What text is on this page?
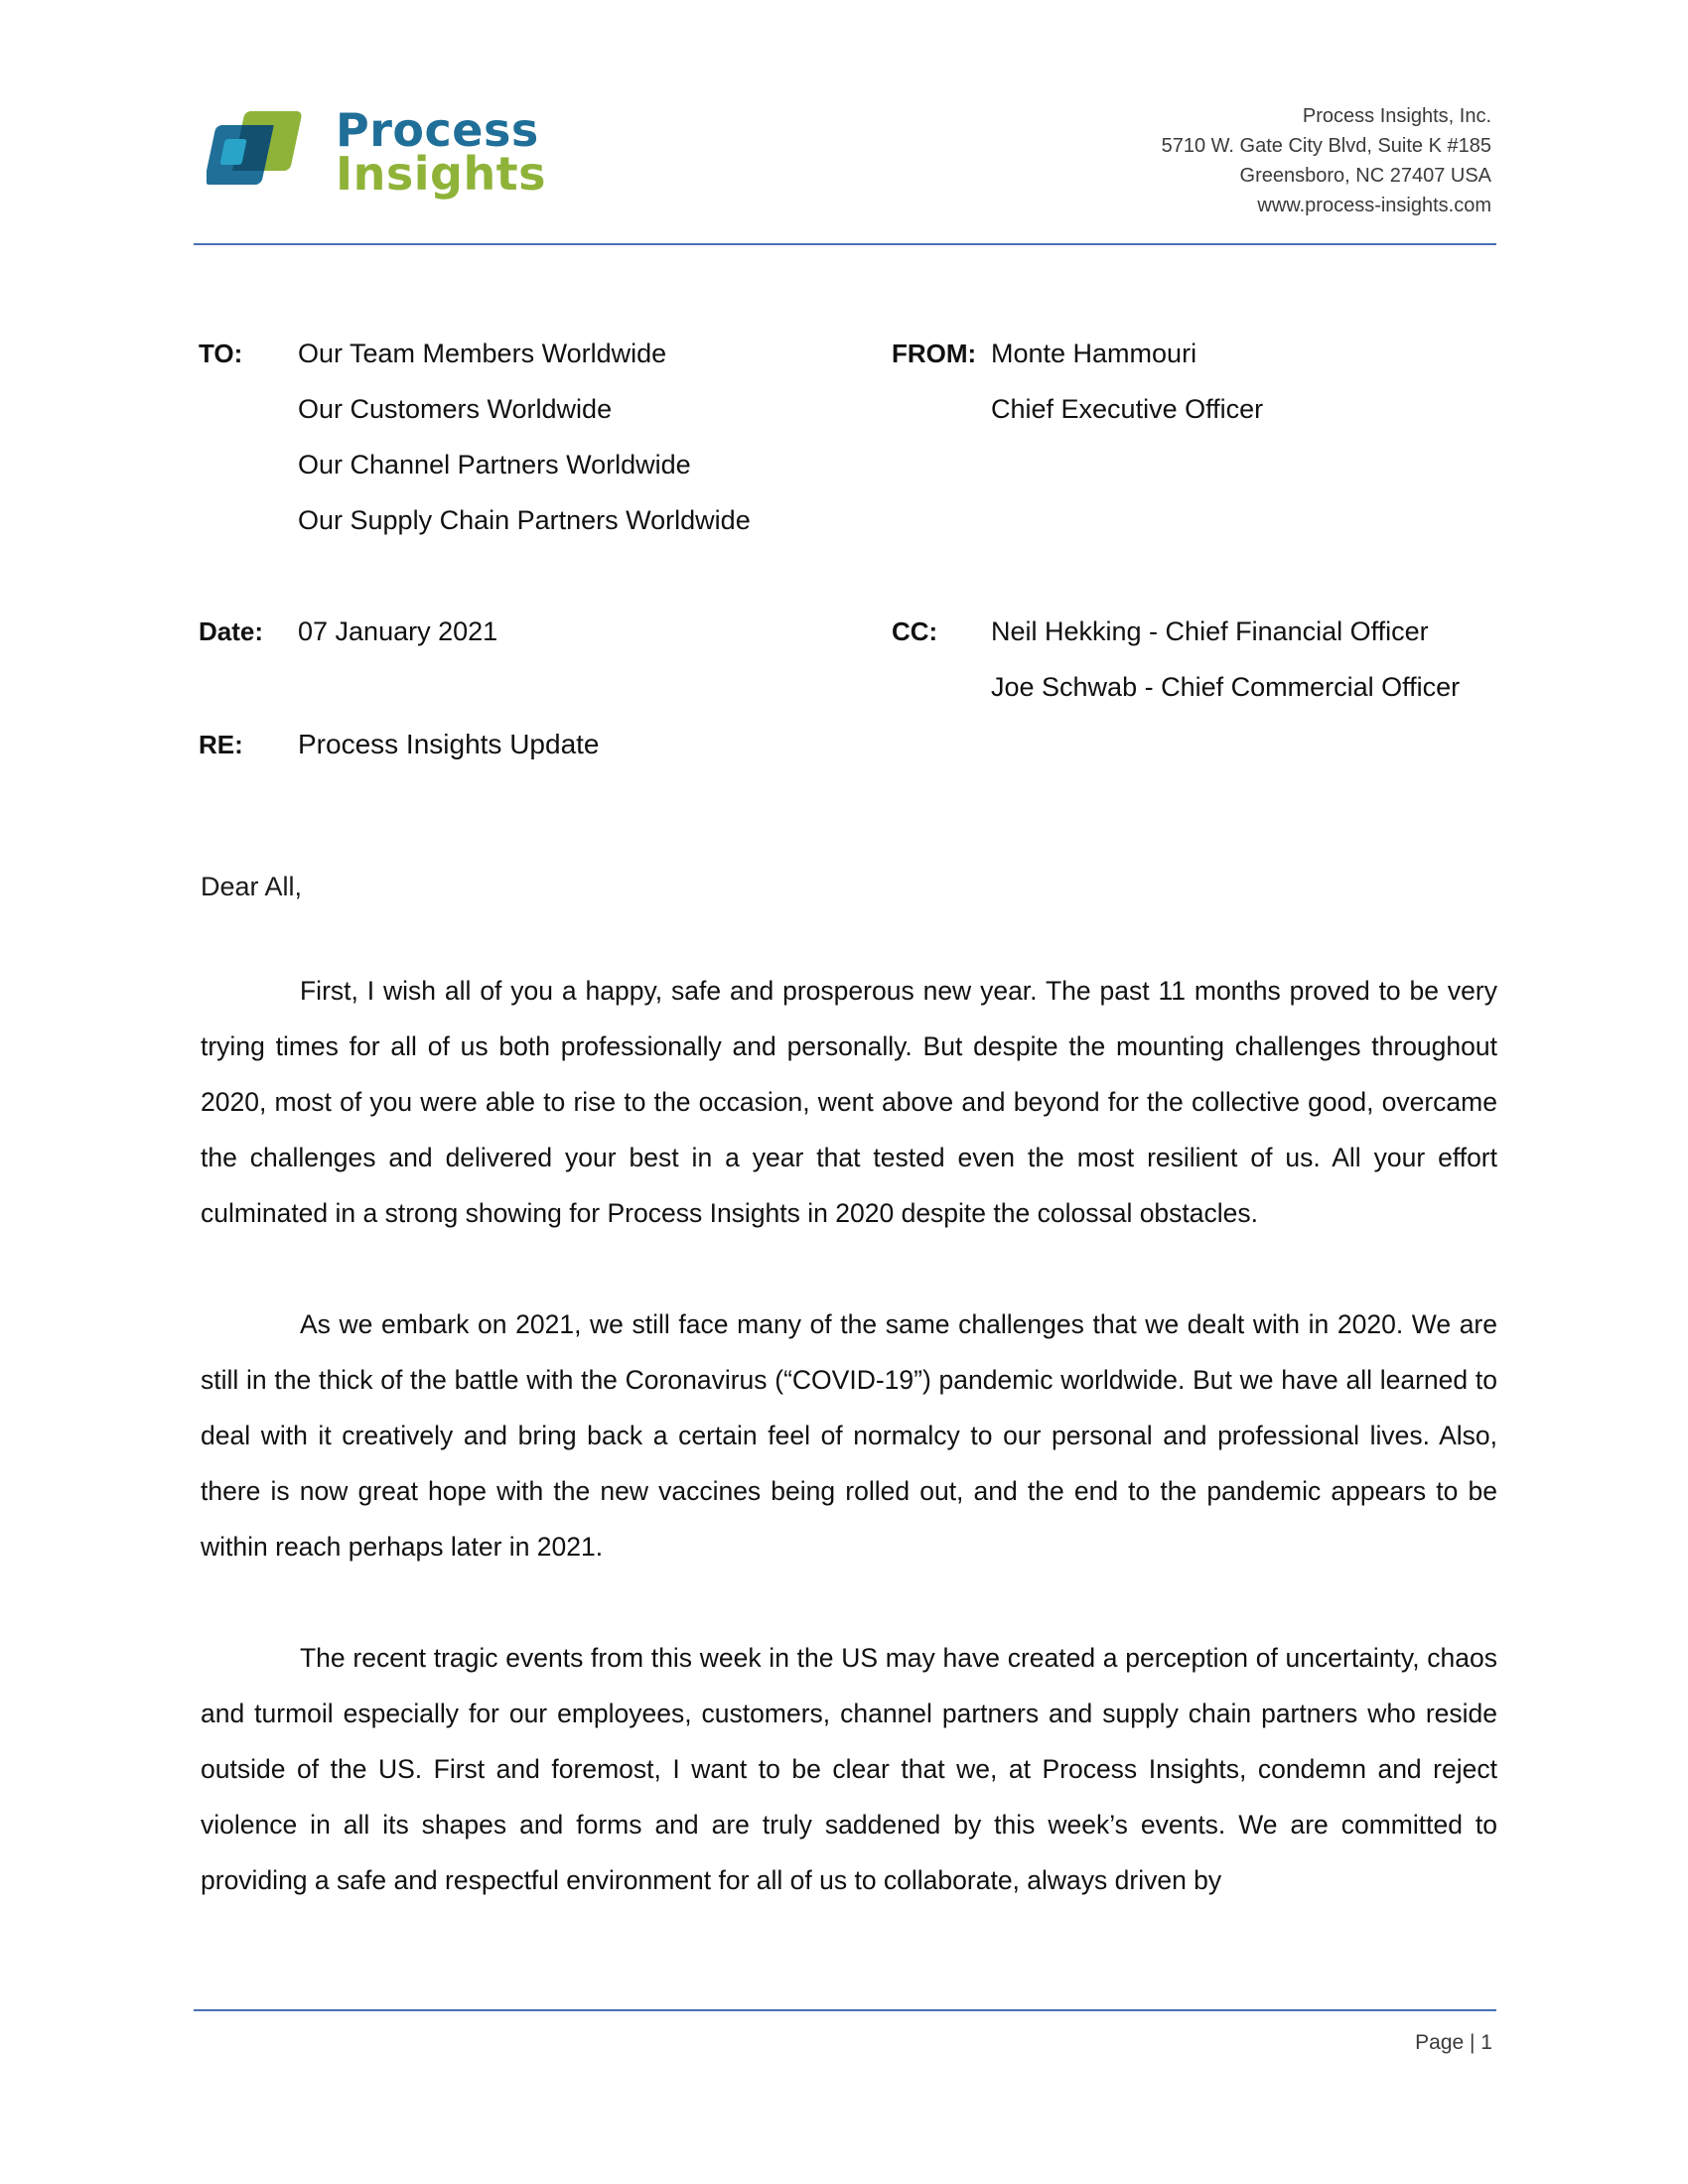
Process
Insights
Process Insights, Inc.
5710 W. Gate City Blvd, Suite K #185
Greensboro, NC 27407 USA
www.process-insights.com
TO: Our Team Members Worldwide
Our Customers Worldwide
Our Channel Partners Worldwide
Our Supply Chain Partners Worldwide
FROM: Monte Hammouri
Chief Executive Officer
Date: 07 January 2021	CC: Neil Hekking - Chief Financial Officer
Joe Schwab - Chief Commercial Officer
RE: Process Insights Update
Dear All,

First, I wish all of you a happy, safe and prosperous new year. The past 11 months proved to be very trying times for all of us both professionally and personally. But despite the mounting challenges throughout 2020, most of you were able to rise to the occasion, went above and beyond for the collective good, overcame the challenges and delivered your best in a year that tested even the most resilient of us. All your effort culminated in a strong showing for Process Insights in 2020 despite the colossal obstacles.

As we embark on 2021, we still face many of the same challenges that we dealt with in 2020. We are still in the thick of the battle with the Coronavirus (“COVID-19”) pandemic worldwide. But we have all learned to deal with it creatively and bring back a certain feel of normalcy to our personal and professional lives. Also, there is now great hope with the new vaccines being rolled out, and the end to the pandemic appears to be within reach perhaps later in 2021.

The recent tragic events from this week in the US may have created a perception of uncertainty, chaos and turmoil especially for our employees, customers, channel partners and supply chain partners who reside outside of the US. First and foremost, I want to be clear that we, at Process Insights, condemn and reject violence in all its shapes and forms and are truly saddened by this week’s events. We are committed to providing a safe and respectful environment for all of us to collaborate, always driven by

Page | 1
